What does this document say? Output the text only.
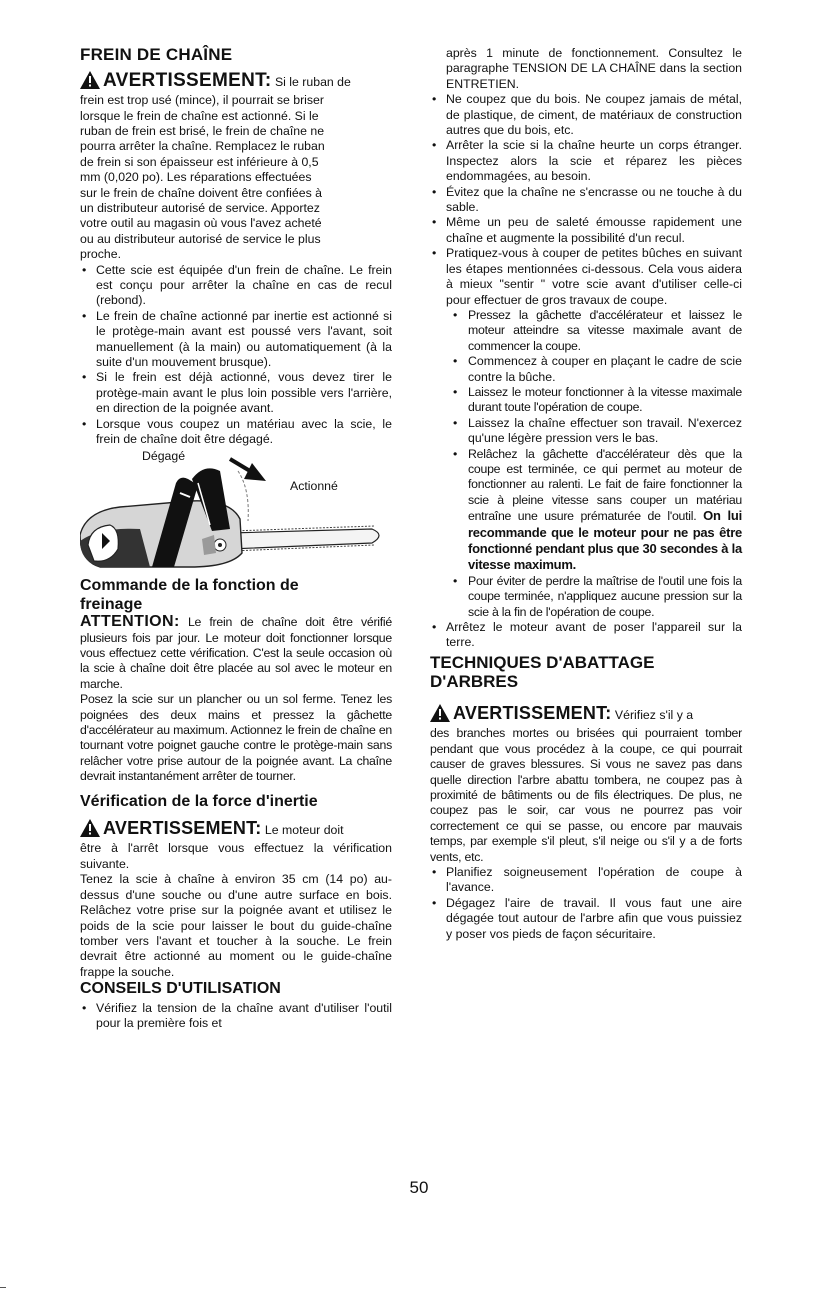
FREIN DE CHAÎNE
AVERTISSEMENT: Si le ruban de

frein est trop usé (mince), il pourrait se briser

lorsque le frein de chaîne est actionné. Si le

ruban de frein est brisé, le frein de chaîne ne

pourra arrêter la chaîne. Remplacez le ruban

de frein si son épaisseur est inférieure à 0,5

mm (0,020 po). Les réparations effectuées

sur le frein de chaîne doivent être confiées à

un distributeur autorisé de service. Apportez

votre outil au magasin où vous l'avez acheté

ou au distributeur autorisé de service le plus

proche.

• Cette scie est équipée d'un frein de chaîne. Le frein est conçu pour arrêter la chaîne en cas de recul (rebond).
• Le frein de chaîne actionné par inertie est actionné si le protège-main avant est poussé vers l'avant, soit manuellement (à la main) ou automatiquement (à la suite d'un mouvement brusque).
• Si le frein est déjà actionné, vous devez tirer le protège-main avant le plus loin possible vers l'arrière, en direction de la poignée avant.
• Lorsque vous coupez un matériau avec la scie, le frein de chaîne doit être dégagé.
Dégagé
Actionné
Commande de la fonction de
freinage

ATTENTION: Le frein de chaîne doit être vérifié plusieurs fois par jour. Le moteur doit fonctionner lorsque vous effectuez cette vérification. C'est la seule occasion où la scie à chaîne doit être placée au sol avec le moteur en marche.

Posez la scie sur un plancher ou un sol ferme. Tenez les poignées des deux mains et pressez la gâchette d'accélérateur au maximum. Actionnez le frein de chaîne en tournant votre poignet gauche contre le protège-main sans relâcher votre prise autour de la poignée avant. La chaîne devrait instantanément arrêter de tourner.

Vérification de la force d'inertie

AVERTISSEMENT: Le moteur doit

être à l'arrêt lorsque vous effectuez la vérification suivante.

Tenez la scie à chaîne à environ 35 cm (14 po) au-dessus d'une souche ou d'une autre surface en bois. Relâchez votre prise sur la poignée avant et utilisez le poids de la scie pour laisser le bout du guide-chaîne tomber vers l'avant et toucher à la souche. Le frein devrait être actionné au moment ou le guide-chaîne frappe la souche.

CONSEILS D'UTILISATION
• Vérifiez la tension de la chaîne avant d'utiliser l'outil pour la première fois et

après 1 minute de fonctionnement. Consultez le paragraphe TENSION DE LA CHAÎNE dans la section ENTRETIEN.

• Ne coupez que du bois. Ne coupez jamais de métal, de plastique, de ciment, de matériaux de construction autres que du bois, etc.
• Arrêter la scie si la chaîne heurte un corps étranger. Inspectez alors la scie et réparez les pièces endommagées, au besoin.
• Évitez que la chaîne ne s'encrasse ou ne touche à du sable.
• Même un peu de saleté émousse rapidement une chaîne et augmente la possibilité d'un recul.
• Pratiquez-vous à couper de petites bûches en suivant les étapes mentionnées ci-dessous. Cela vous aidera à mieux "sentir " votre scie avant d'utiliser celle-ci pour effectuer de gros travaux de coupe.
• Pressez la gâchette d'accélérateur et laissez le moteur atteindre sa vitesse maximale avant de commencer la coupe.
• Commencez à couper en plaçant le cadre de scie contre la bûche.
• Laissez le moteur fonctionner à la vitesse maximale durant toute l'opération de coupe.
• Laissez la chaîne effectuer son travail. N'exercez qu'une légère pression vers le bas.
• Relâchez la gâchette d'accélérateur dès que la coupe est terminée, ce qui permet au moteur de fonctionner au ralenti. Le fait de faire fonctionner la scie à pleine vitesse sans couper un matériau entraîne une usure prématurée de l'outil. On lui recommande que le moteur pour ne pas être fonctionné pendant plus que 30 secondes à la vitesse maximum.
• Pour éviter de perdre la maîtrise de l'outil une fois la coupe terminée, n'appliquez aucune pression sur la scie à la fin de l'opération de coupe.
• Arrêtez le moteur avant de poser l'appareil sur la terre.
TECHNIQUES D'ABATTAGE
D'ARBRES

AVERTISSEMENT: Vérifiez s'il y a

des branches mortes ou brisées qui pourraient tomber pendant que vous procédez à la coupe, ce qui pourrait causer de graves blessures. Si vous ne savez pas dans quelle direction l'arbre abattu tombera, ne coupez pas à proximité de bâtiments ou de fils électriques. De plus, ne coupez pas le soir, car vous ne pourrez pas voir correctement ce qui se passe, ou encore par mauvais temps, par exemple s'il pleut, s'il neige ou s'il y a de forts vents, etc.

• Planifiez soigneusement l'opération de coupe à l'avance.
• Dégagez l'aire de travail. Il vous faut une aire dégagée tout autour de l'arbre afin que vous puissiez y poser vos pieds de façon sécuritaire.
50
